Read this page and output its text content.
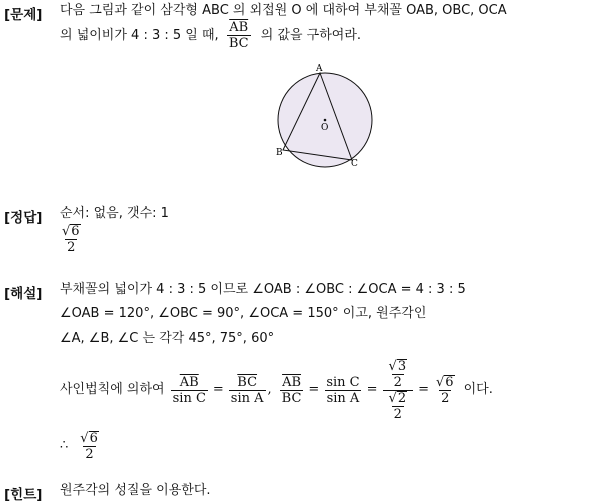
[문제] 다음 그림과 같이 삼각형 ABC 의 외접원 O 에 대하여 부채꼴 OAB, OBC, OCA
의 넓이비가 4 : 3 : 5 일 때, $\frac{\overline{AB}}{BC}$ 의 값을 구하여라.
A
B
C
O
[정답] 순서: 없음, 갯수: 1
$\frac{√ 6}{2}$
[해설] 부채꼴의 넓이가 4 : 3 : 5 이므로 ∠OAB : ∠OBC : ∠OCA = 4 : 3 : 5
∠OAB = 120°, ∠OBC = 90°, ∠OCA = 150° 이고, 원주각인
∠A, ∠B, ∠C 는 각각 45°, 75°, 60°
사인법칙에 의하여 $\frac{\overline{AB}}{\text{sin C}} = \frac{\overline{BC}}{\text{sin A}}$ , $\frac{\overline{AB}}{BC} = \frac{\text{sin C}}{\text{sin A}} = \frac{\frac{√ 3}{2}}{\frac{√ 2}{2}} = \frac{√ 6}{2}$ 이다.
∴ $\frac{√ 6}{2}$
[힌트] 원주각의 성질을 이용한다.
